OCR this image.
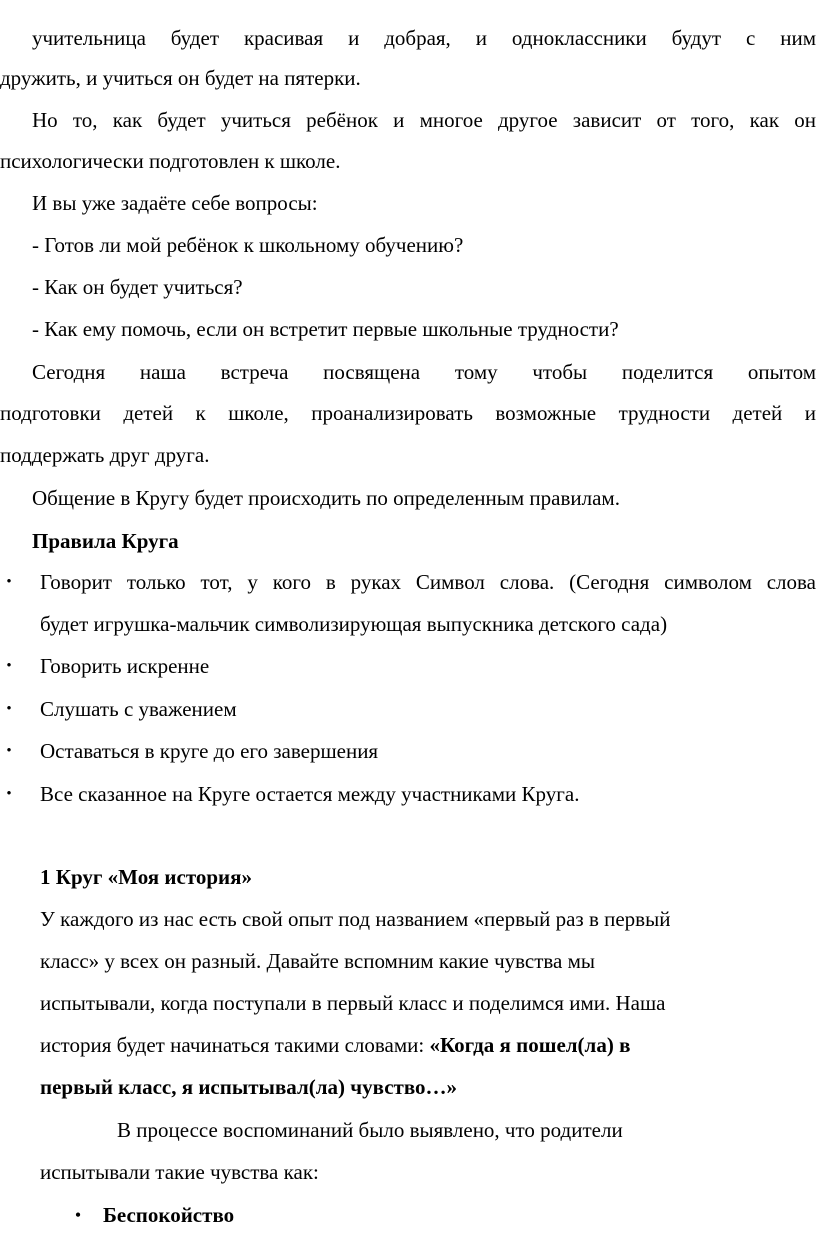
учительница будет красивая и добрая, и одноклассники будут с ним
дружить, и учиться он будет на пятерки.
Но то, как будет учиться ребёнок и многое другое зависит от того, как он
психологически подготовлен к школе.
И вы уже задаёте себе вопросы:
- Готов ли мой ребёнок к школьному обучению?
- Как он будет учиться?
- Как ему помочь, если он встретит первые школьные трудности?
Сегодня наша встреча посвящена тому чтобы поделится опытом
подготовки детей к школе, проанализировать возможные трудности детей и
поддержать друг друга.
Общение в Кругу будет происходить по определенным правилам.
Правила Круга
• Говорит только тот, у кого в руках Символ слова. (Сегодня символом слова
будет игрушка-мальчик символизирующая выпускника детского сада)
• Говорить искренне
• Слушать с уважением
• Оставаться в круге до его завершения
• Все сказанное на Круге остается между участниками Круга.
1 Круг «Моя история»
У каждого из нас есть свой опыт под названием «первый раз в первый
класс» у всех он разный. Давайте вспомним какие чувства мы
испытывали, когда поступали в первый класс и поделимся ими. Наша
история будет начинаться такими словами: «Когда я пошел(ла) в
первый класс, я испытывал(ла) чувство…»
В процессе воспоминаний было выявлено, что родители
испытывали такие чувства как:
• Беспокойство
